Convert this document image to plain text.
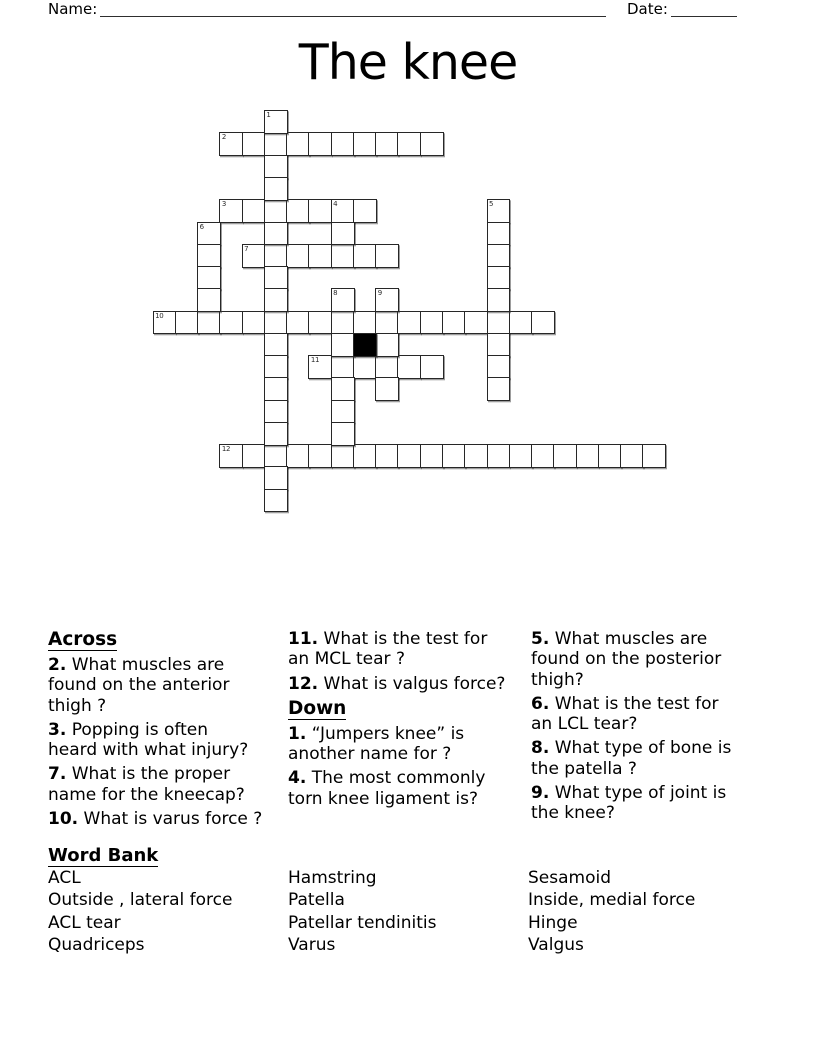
Name:	Date:
The knee
2
3	4
7
10
11
12
1
5
6
8	9
Across

2. What muscles are
found on the anterior
thigh ?

3. Popping is often
heard with what injury?

7. What is the proper
name for the kneecap?

10. What is varus force ?

11. What is the test for
an MCL tear ?

12. What is valgus force?

Down

1. “Jumpers knee” is
another name for ?

4. The most commonly
torn knee ligament is?

5. What muscles are
found on the posterior
thigh?

6. What is the test for
an LCL tear?

8. What type of bone is
the patella ?

9. What type of joint is
the knee?

Word Bank
ACL
Outside , lateral force
ACL tear
Quadriceps
Hamstring
Patella
Patellar tendinitis
Varus
Sesamoid
Inside, medial force
Hinge
Valgus
